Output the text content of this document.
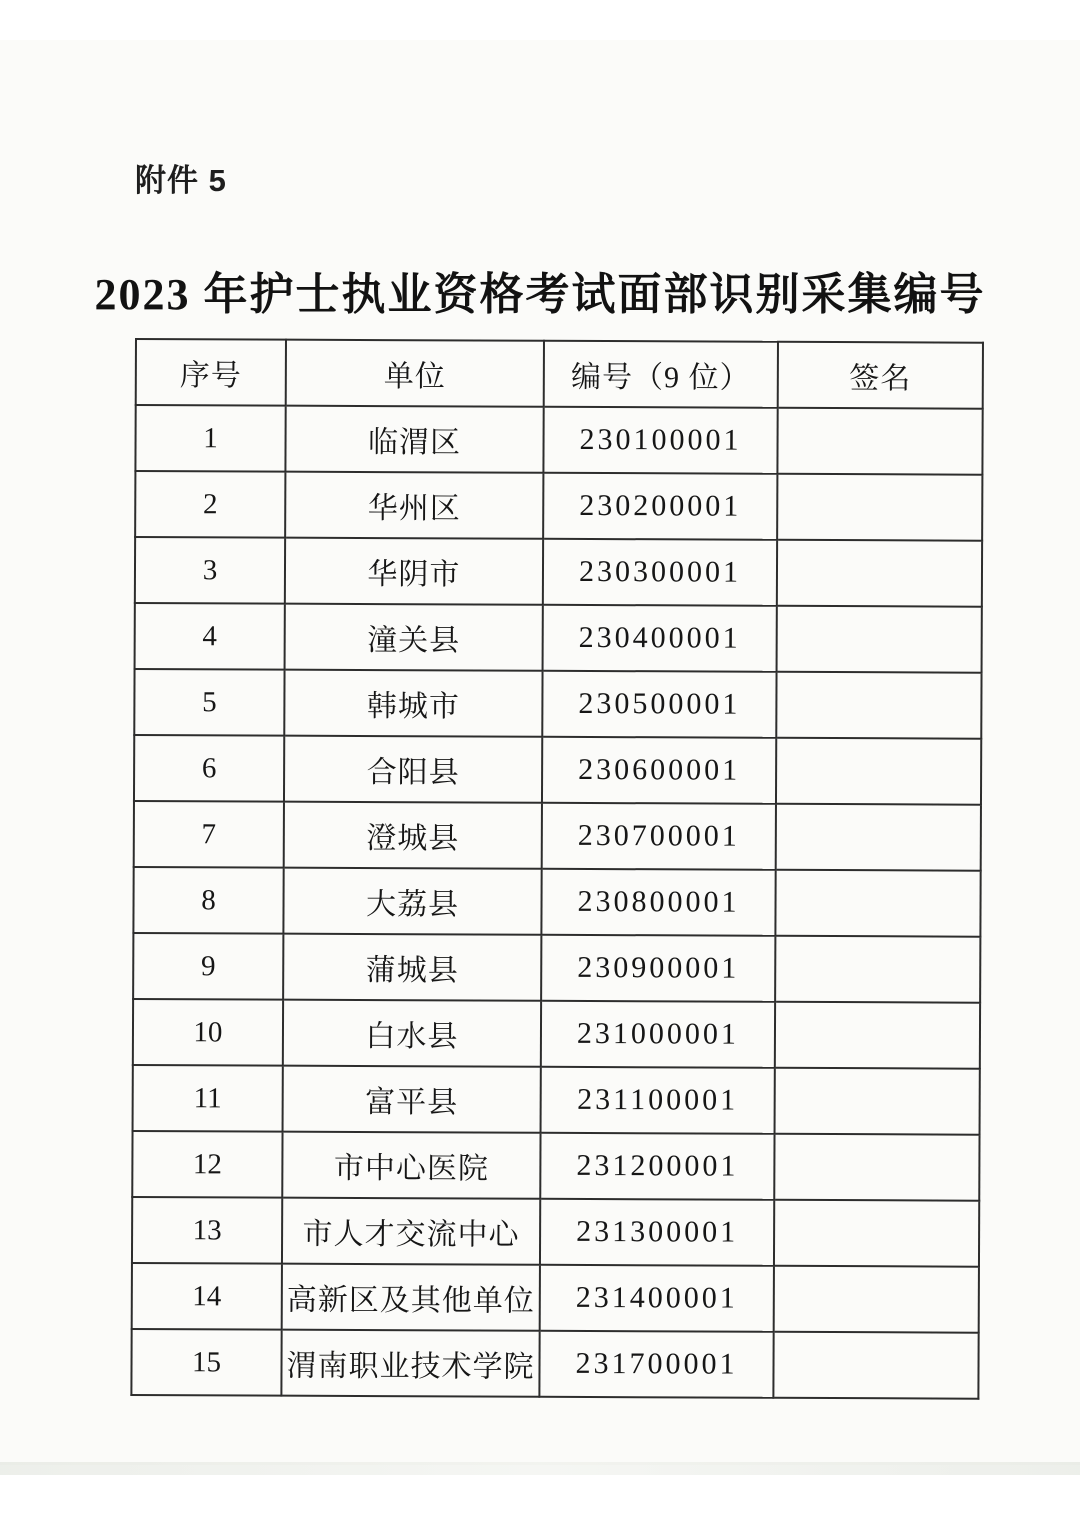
附件 5
2023 年护士执业资格考试面部识别采集编号
序号	单位	编号（9 位）	签名
1	临渭区	230100001	
2	华州区	230200001	
3	华阴市	230300001	
4	潼关县	230400001	
5	韩城市	230500001	
6	合阳县	230600001	
7	澄城县	230700001	
8	大荔县	230800001	
9	蒲城县	230900001	
10	白水县	231000001	
11	富平县	231100001	
12	市中心医院	231200001	
13	市人才交流中心	231300001	
14	高新区及其他单位	231400001	
15	渭南职业技术学院	231700001	
